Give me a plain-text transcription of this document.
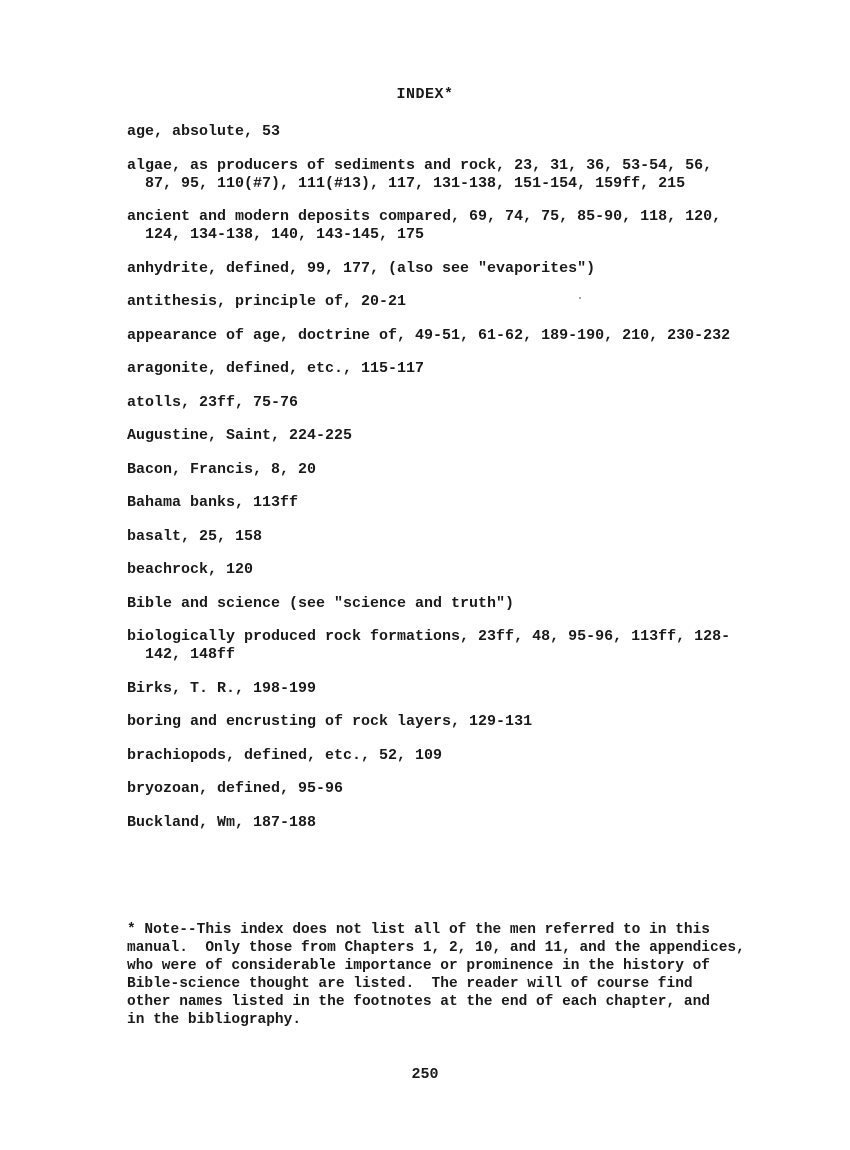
INDEX*
age, absolute, 53
algae, as producers of sediments and rock, 23, 31, 36, 53-54, 56, 87, 95, 110(#7), 111(#13), 117, 131-138, 151-154, 159ff, 215
ancient and modern deposits compared, 69, 74, 75, 85-90, 118, 120, 124, 134-138, 140, 143-145, 175
anhydrite, defined, 99, 177, (also see "evaporites")
antithesis, principle of, 20-21
appearance of age, doctrine of, 49-51, 61-62, 189-190, 210, 230-232
aragonite, defined, etc., 115-117
atolls, 23ff, 75-76
Augustine, Saint, 224-225
Bacon, Francis, 8, 20
Bahama banks, 113ff
basalt, 25, 158
beachrock, 120
Bible and science (see "science and truth")
biologically produced rock formations, 23ff, 48, 95-96, 113ff, 128-142, 148ff
Birks, T. R., 198-199
boring and encrusting of rock layers, 129-131
brachiopods, defined, etc., 52, 109
bryozoan, defined, 95-96
Buckland, Wm, 187-188
* Note--This index does not list all of the men referred to in this
manual.  Only those from Chapters 1, 2, 10, and 11, and the appendices,
who were of considerable importance or prominence in the history of
Bible-science thought are listed.  The reader will of course find
other names listed in the footnotes at the end of each chapter, and
in the bibliography.
250
